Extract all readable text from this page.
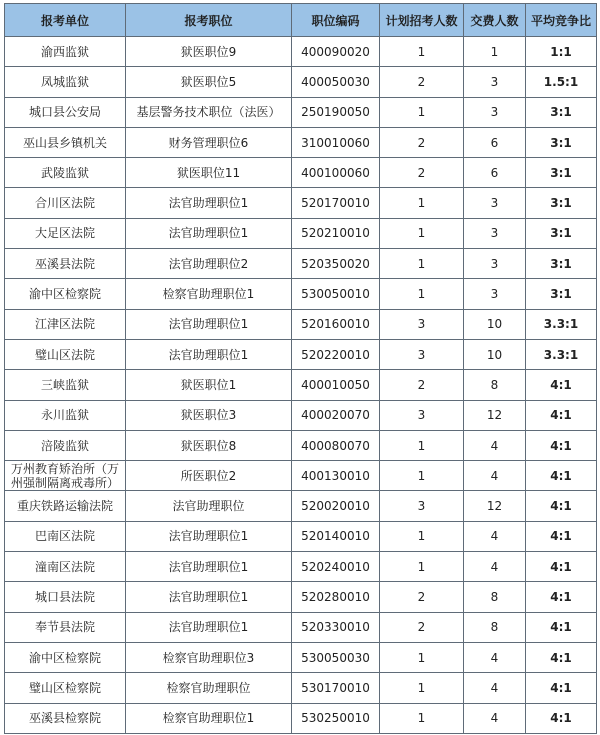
报考单位	报考职位	职位编码	计划招考人数	交费人数	平均竞争比
渝西监狱	狱医职位9	400090020	1	1	1:1
凤城监狱	狱医职位5	400050030	2	3	1.5:1
城口县公安局	基层警务技术职位（法医）	250190050	1	3	3:1
巫山县乡镇机关	财务管理职位6	310010060	2	6	3:1
武陵监狱	狱医职位11	400100060	2	6	3:1
合川区法院	法官助理职位1	520170010	1	3	3:1
大足区法院	法官助理职位1	520210010	1	3	3:1
巫溪县法院	法官助理职位2	520350020	1	3	3:1
渝中区检察院	检察官助理职位1	530050010	1	3	3:1
江津区法院	法官助理职位1	520160010	3	10	3.3:1
璧山区法院	法官助理职位1	520220010	3	10	3.3:1
三峡监狱	狱医职位1	400010050	2	8	4:1
永川监狱	狱医职位3	400020070	3	12	4:1
涪陵监狱	狱医职位8	400080070	1	4	4:1
万州教育矫治所（万州强制隔离戒毒所）	所医职位2	400130010	1	4	4:1
重庆铁路运输法院	法官助理职位	520020010	3	12	4:1
巴南区法院	法官助理职位1	520140010	1	4	4:1
潼南区法院	法官助理职位1	520240010	1	4	4:1
城口县法院	法官助理职位1	520280010	2	8	4:1
奉节县法院	法官助理职位1	520330010	2	8	4:1
渝中区检察院	检察官助理职位3	530050030	1	4	4:1
璧山区检察院	检察官助理职位	530170010	1	4	4:1
巫溪县检察院	检察官助理职位1	530250010	1	4	4:1
